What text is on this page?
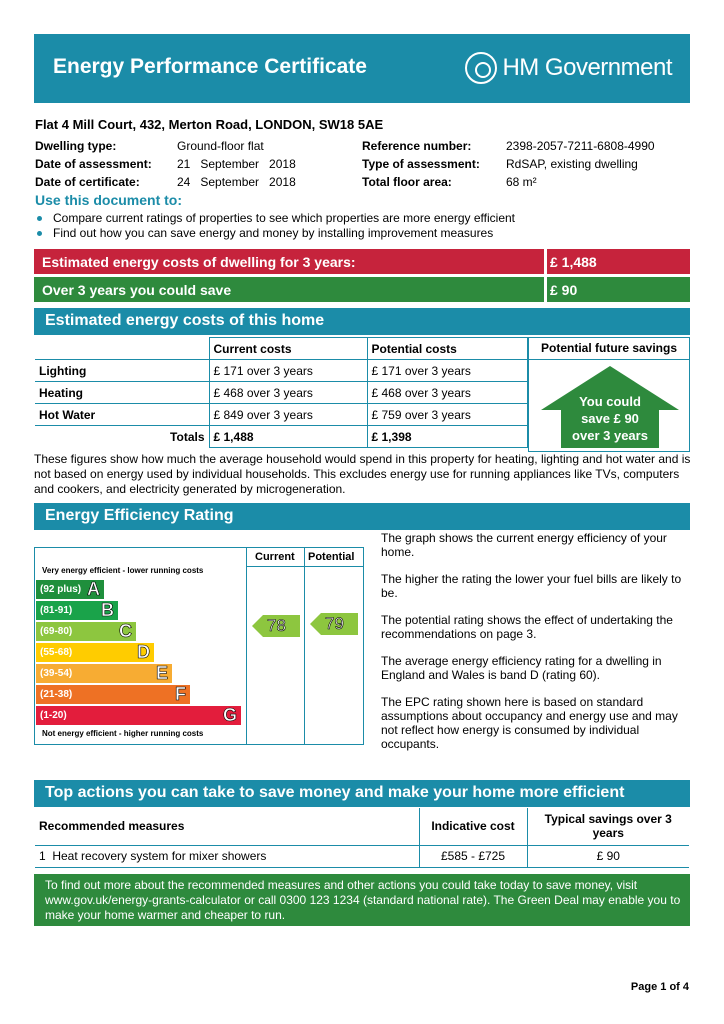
Energy Performance Certificate	HM Government
Flat 4 Mill Court, 432, Merton Road, LONDON, SW18 5AE
Dwelling type:	Ground-floor flat
Date of assessment:	21   September   2018
Date of certificate:	24   September   2018
Reference number:	2398-2057-7211-6808-4990
Type of assessment:	RdSAP, existing dwelling
Total floor area:	68 m²
Use this document to:
Compare current ratings of properties to see which properties are more energy efficient
Find out how you can save energy and money by installing improvement measures
Estimated energy costs of dwelling for 3 years:	£ 1,488
Over 3 years you could save	£ 90
Estimated energy costs of this home
	Current costs	Potential costs	
Lighting	£ 171 over 3 years	£ 171 over 3 years	
Heating	£ 468 over 3 years	£ 468 over 3 years	
Hot Water	£ 849 over 3 years	£ 759 over 3 years	
Totals	£ 1,488	£ 1,398	
Potential future savings
You could
save £ 90
over 3 years
These figures show how much the average household would spend in this property for heating, lighting and hot water and is not based on energy used by individual households. This excludes energy use for running appliances like TVs, computers and cookers, and electricity generated by microgeneration.
Energy Efficiency Rating
Current Potential
Very energy efficient - lower running costs
Not energy efficient - higher running costs
(92 plus) A
(81-91) B
(69-80)	C
(55-68)	D
(39-54)	E
(21-38)	F
(1-20)	G
78 79

The graph shows the current energy efficiency of your home.

The higher the rating the lower your fuel bills are likely to be.

The potential rating shows the effect of undertaking the recommendations on page 3.

The average energy efficiency rating for a dwelling in England and Wales is band D (rating 60).

The EPC rating shown here is based on standard assumptions about occupancy and energy use and may not reflect how energy is consumed by individual occupants.

Top actions you can take to save money and make your home more efficient
Recommended measures	Indicative cost	Typical savings over 3 years
1  Heat recovery system for mixer showers	£585 - £725	£ 90
To find out more about the recommended measures and other actions you could take today to save money, visit
www.gov.uk/energy-grants-calculator or call 0300 123 1234 (standard national rate). The Green Deal may enable you to
make your home warmer and cheaper to run.
Page 1 of 4
